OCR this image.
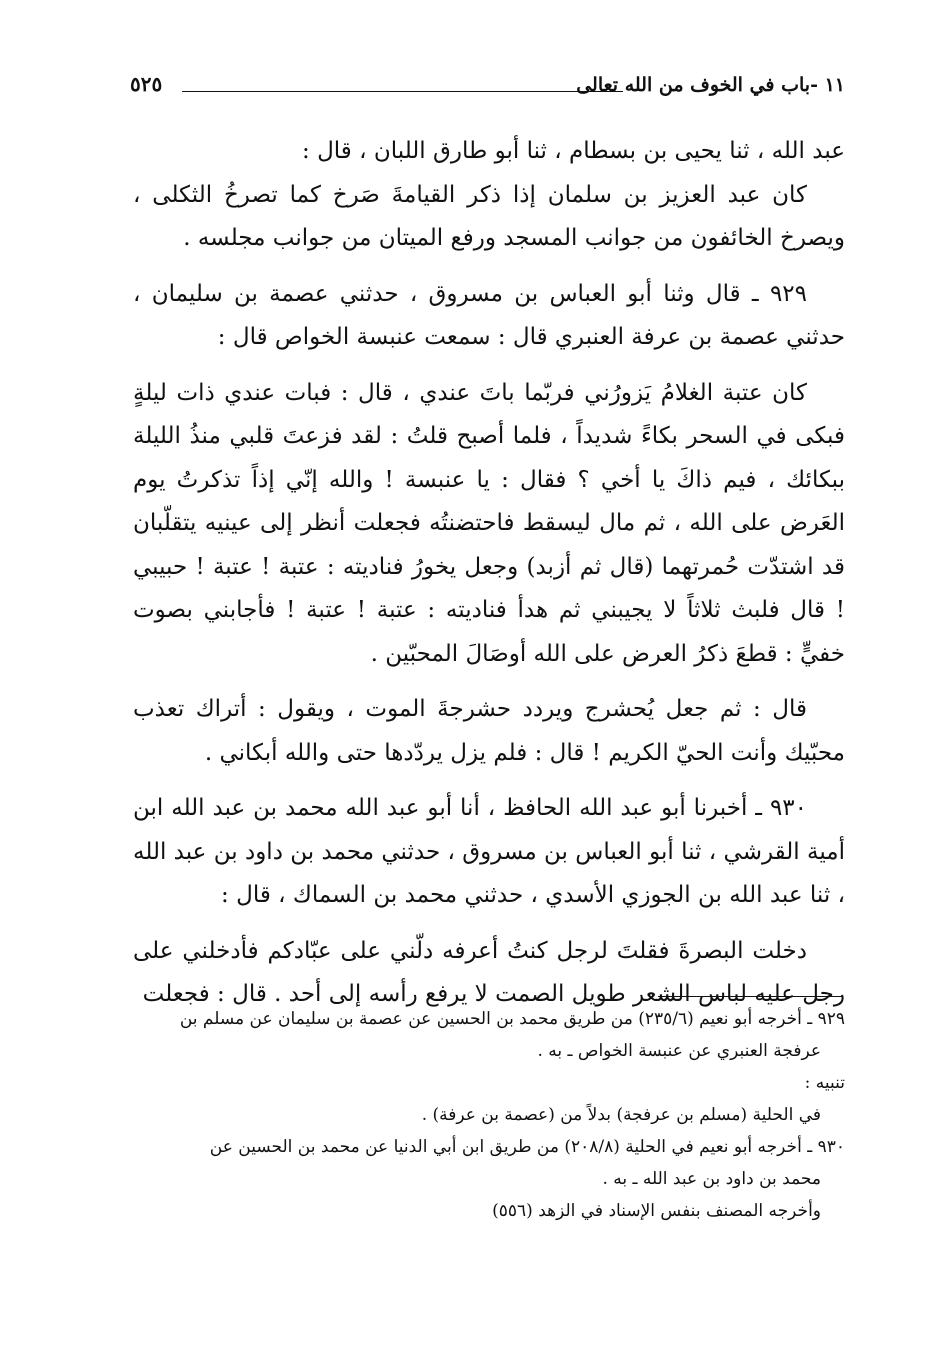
١١ -باب في الخوف من الله تعالى
٥٢٥

عبد الله ، ثنا يحيى بن بسطام ، ثنا أبو طارق اللبان ، قال :

كان عبد العزيز بن سلمان إذا ذكر القيامةَ صَرخ كما تصرخُ الثكلى ، ويصرخ الخائفون من جوانب المسجد ورفع الميتان من جوانب مجلسه .

٩٢٩ ـ قال وثنا أبو العباس بن مسروق ، حدثني عصمة بن سليمان ، حدثني عصمة بن عرفة العنبري قال : سمعت عنبسة الخواص قال :

كان عتبة الغلامُ يَزورُني فربّما باتَ عندي ، قال : فبات عندي ذات ليلةٍ فبكى في السحر بكاءً شديداً ، فلما أصبح قلتُ : لقد فزعتَ قلبي منذُ الليلة ببكائك ، فيم ذاكَ يا أخي ؟ فقال : يا عنبسة ! والله إنّي إذاً تذكرتُ يوم العَرض على الله ، ثم مال ليسقط فاحتضنتُه فجعلت أنظر إلى عينيه يتقلّبان قد اشتدّت حُمرتهما (قال ثم أزبد) وجعل يخورُ فناديته : عتبة ! عتبة ! حبيبي ! قال فلبث ثلاثاً لا يجيبني ثم هدأ فناديته : عتبة ! عتبة ! فأجابني بصوت خفيٍّ : قطعَ ذكرُ العرض على الله أوصَالَ المحبّين .

قال : ثم جعل يُحشرج ويردد حشرجةَ الموت ، ويقول : أتراك تعذب محبّيك وأنت الحيّ الكريم ! قال : فلم يزل يردّدها حتى والله أبكاني .

٩٣٠ ـ أخبرنا أبو عبد الله الحافظ ، أنا أبو عبد الله محمد بن عبد الله ابن أمية القرشي ، ثنا أبو العباس بن مسروق ، حدثني محمد بن داود بن عبد الله ، ثنا عبد الله بن الجوزي الأسدي ، حدثني محمد بن السماك ، قال :

دخلت البصرةَ فقلتَ لرجل كنتُ أعرفه دلّني على عبّادكم فأدخلني على رجل عليه لباس الشعر طويل الصمت لا يرفع رأسه إلى أحد . قال : فجعلت

٩٢٩ ـ أخرجه أبو نعيم (٢٣٥/٦) من طريق محمد بن الحسين عن عصمة بن سليمان عن مسلم بن

عرفجة العنبري عن عنبسة الخواص ـ به .

تنبيه :

في الحلية (مسلم بن عرفجة) بدلاً من (عصمة بن عرفة) .

٩٣٠ ـ أخرجه أبو نعيم في الحلية (٢٠٨/٨) من طريق ابن أبي الدنيا عن محمد بن الحسين عن

محمد بن داود بن عبد الله ـ به .

وأخرجه المصنف بنفس الإسناد في الزهد (٥٥٦)
